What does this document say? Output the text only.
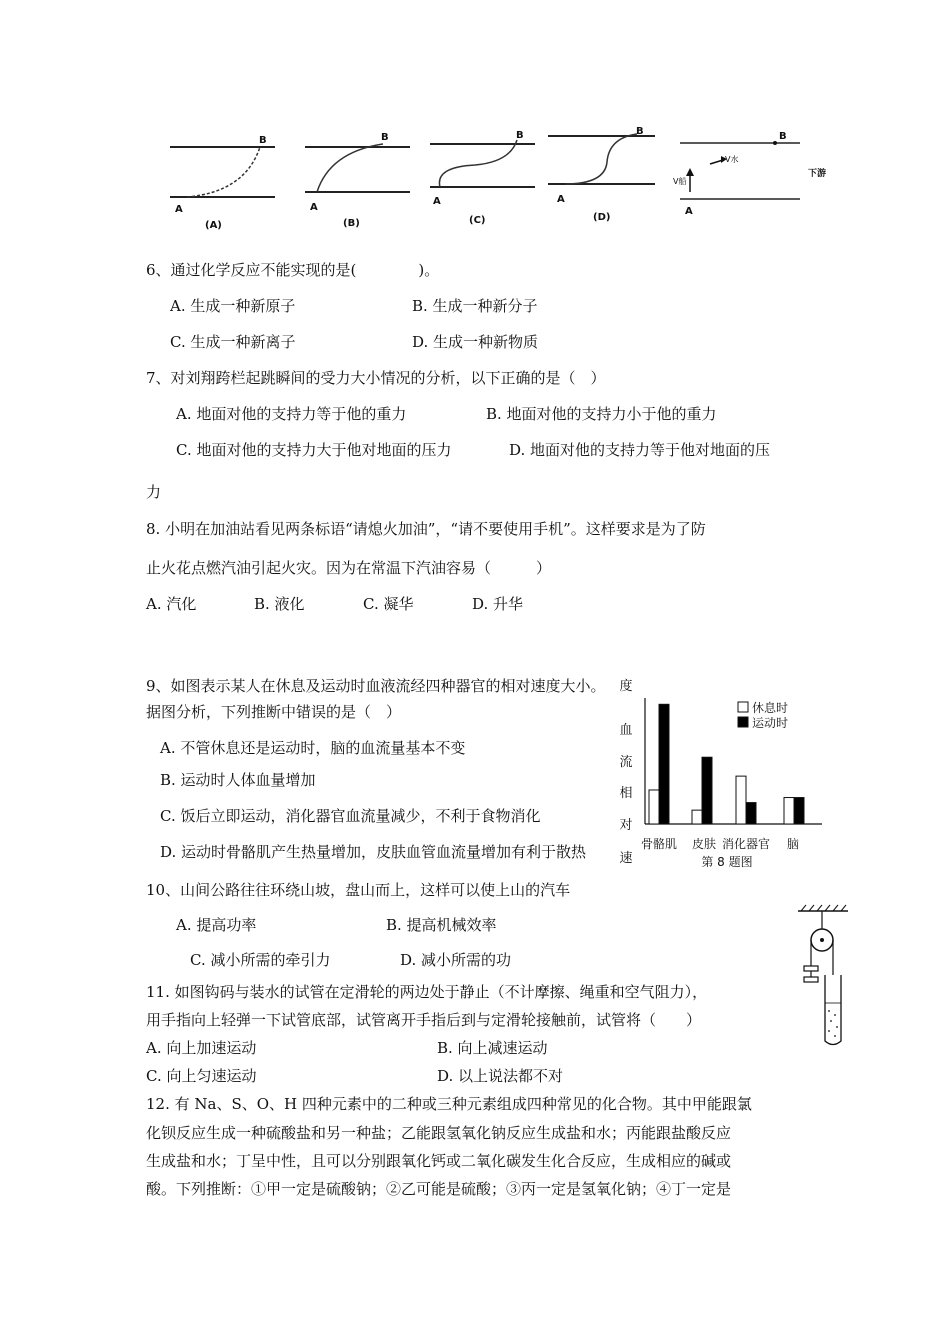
A	A
A	A
A
B	B	B	B	B
(A)	(B)	(C)	(D)
V水
V船
下游
6、通过化学反应不能实现的是(	)。
A. 生成一种新原子	B. 生成一种新分子
C. 生成一种新离子	D. 生成一种新物质
7、对刘翔跨栏起跳瞬间的受力大小情况的分析，以下正确的是（　）
A. 地面对他的支持力等于他的重力	B. 地面对他的支持力小于他的重力
C. 地面对他的支持力大于他对地面的压力	D. 地面对他的支持力等于他对地面的压
力
8. 小明在加油站看见两条标语“请熄火加油”，“请不要使用手机”。这样要求是为了防
止火花点燃汽油引起火灾。因为在常温下汽油容易（　　　）
A. 汽化	B. 液化	C. 凝华	D. 升华
9、如图表示某人在休息及运动时血液流经四种器官的相对速度大小。
据图分析，下列推断中错误的是（　）
A. 不管休息还是运动时，脑的血流量基本不变
B. 运动时人体血量增加
C. 饭后立即运动，消化器官血流量减少，不利于食物消化
D. 运动时骨骼肌产生热量增加，皮肤血管血流量增加有利于散热
血
流
相
对
速
度
骨骼肌 皮肤 消化器官 脑
休息时
运动时
第 8 题图
10、山间公路往往环绕山坡，盘山而上，这样可以使上山的汽车
A. 提高功率	B. 提高机械效率
C. 减小所需的牵引力	D. 减小所需的功
11. 如图钩码与装水的试管在定滑轮的两边处于静止（不计摩擦、绳重和空气阻力），
用手指向上轻弹一下试管底部，试管离开手指后到与定滑轮接触前，试管将（　　）
A. 向上加速运动	B. 向上减速运动
C. 向上匀速运动	D. 以上说法都不对
12. 有 Na、S、O、H 四种元素中的二种或三种元素组成四种常见的化合物。其中甲能跟氯
化钡反应生成一种硫酸盐和另一种盐；乙能跟氢氧化钠反应生成盐和水；丙能跟盐酸反应
生成盐和水；丁呈中性，且可以分别跟氧化钙或二氧化碳发生化合反应，生成相应的碱或
酸。下列推断：①甲一定是硫酸钠；②乙可能是硫酸；③丙一定是氢氧化钠；④丁一定是
